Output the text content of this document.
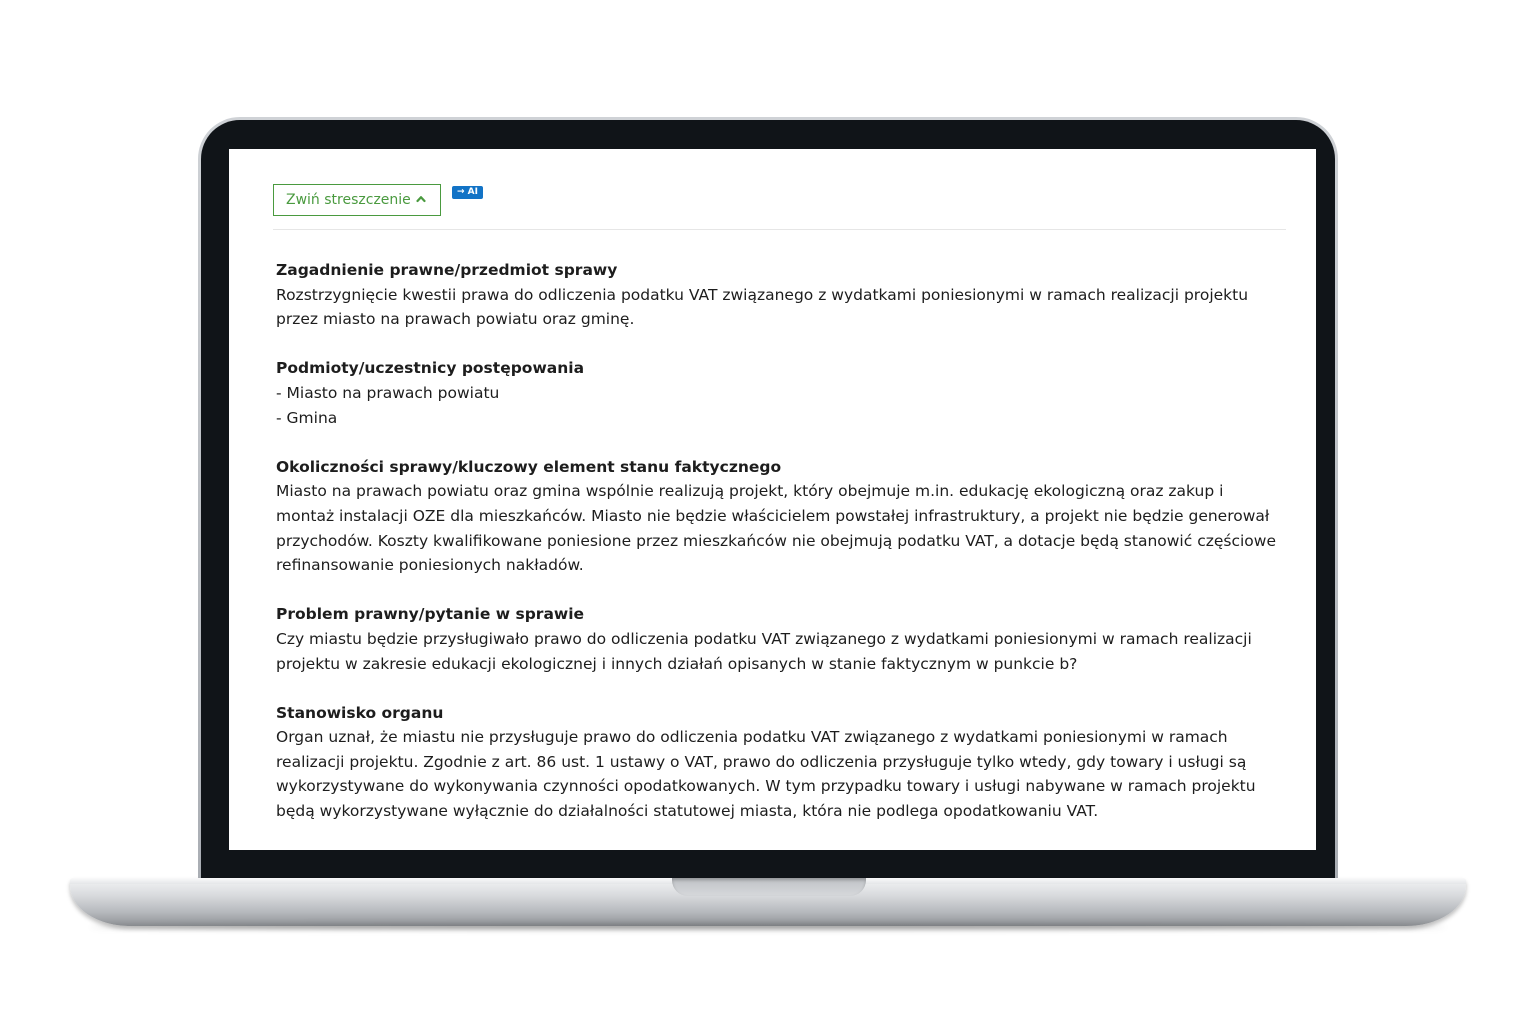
Zwiń streszczenie	→ AI
Zagadnienie prawne/przedmiot sprawy

Rozstrzygnięcie kwestii prawa do odliczenia podatku VAT związanego z wydatkami poniesionymi w ramach realizacji projektu przez miasto na prawach powiatu oraz gminę.

Podmioty/uczestnicy postępowania
- Miasto na prawach powiatu
- Gmina
Okoliczności sprawy/kluczowy element stanu faktycznego

Miasto na prawach powiatu oraz gmina wspólnie realizują projekt, który obejmuje m.in. edukację ekologiczną oraz zakup i montaż instalacji OZE dla mieszkańców. Miasto nie będzie właścicielem powstałej infrastruktury, a projekt nie będzie generował przychodów. Koszty kwalifikowane poniesione przez mieszkańców nie obejmują podatku VAT, a dotacje będą stanowić częściowe refinansowanie poniesionych nakładów.

Problem prawny/pytanie w sprawie

Czy miastu będzie przysługiwało prawo do odliczenia podatku VAT związanego z wydatkami poniesionymi w ramach realizacji projektu w zakresie edukacji ekologicznej i innych działań opisanych w stanie faktycznym w punkcie b?

Stanowisko organu

Organ uznał, że miastu nie przysługuje prawo do odliczenia podatku VAT związanego z wydatkami poniesionymi w ramach realizacji projektu. Zgodnie z art. 86 ust. 1 ustawy o VAT, prawo do odliczenia przysługuje tylko wtedy, gdy towary i usługi są wykorzystywane do wykonywania czynności opodatkowanych. W tym przypadku towary i usługi nabywane w ramach projektu będą wykorzystywane wyłącznie do działalności statutowej miasta, która nie podlega opodatkowaniu VAT.
